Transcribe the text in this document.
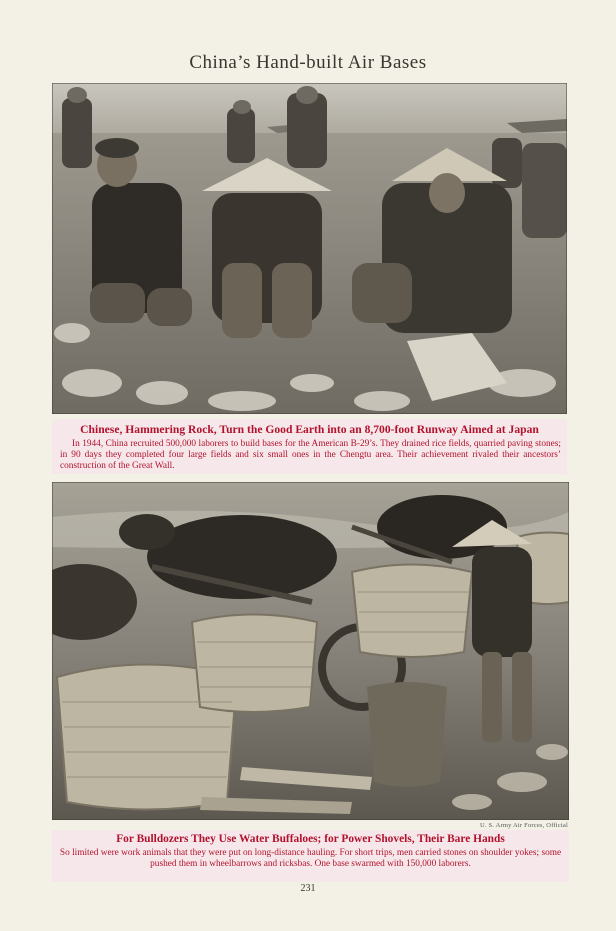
China’s Hand-built Air Bases
Chinese, Hammering Rock, Turn the Good Earth into an 8,700-foot Runway Aimed at Japan
In 1944, China recruited 500,000 laborers to build bases for the American B-29’s. They drained rice fields, quarried paving stones; in 90 days they completed four large fields and six small ones in the Chengtu area. Their achievement rivaled their ancestors’ construction of the Great Wall.
U. S. Army Air Forces, Official
For Bulldozers They Use Water Buffaloes; for Power Shovels, Their Bare Hands
So limited were work animals that they were put on long-distance hauling. For short trips, men carried stones on shoulder yokes; some pushed them in wheelbarrows and ricksbas. One base swarmed with 150,000 laborers.
231
